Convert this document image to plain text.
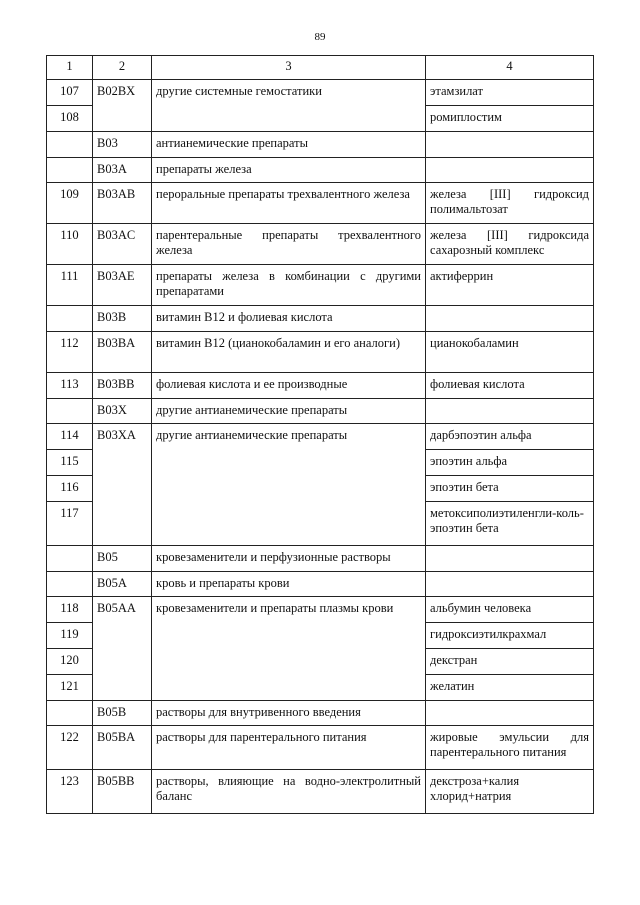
89
1	2	3	4
107	B02BX	другие системные гемостатики	этамзилат
108			ромиплостим
	B03	антианемические препараты	
	B03A	препараты железа	
109	B03AB	пероральные препараты трехвалентного железа	железа [III] гидроксид полимальтозат
110	B03AC	парентеральные препараты трехвалентного железа	железа [III] гидроксида сахарозный комплекс
111	B03AE	препараты железа в комбинации с другими препаратами	актиферрин
	B03B	витамин B12 и фолиевая кислота	
112	B03BA	витамин B12 (цианокобаламин и его аналоги)	цианокобаламин
113	B03BB	фолиевая кислота и ее производные	фолиевая кислота
	B03X	другие антианемические препараты	
114	B03XA	другие антианемические препараты	дарбэпоэтин альфа
115			эпоэтин альфа
116			эпоэтин бета
117			метоксиполиэтиленгли-коль-эпоэтин бета
	B05	кровезаменители и перфузионные растворы	
	B05A	кровь и препараты крови	
118	B05AA	кровезаменители и препараты плазмы крови	альбумин человека
119			гидроксиэтилкрахмал
120			декстран
121			желатин
	B05B	растворы для внутривенного введения	
122	B05BA	растворы для парентерального питания	жировые эмульсии для парентерального питания
123	B05BB	растворы, влияющие на водно-электролитный баланс	декстроза+калия хлорид+натрия
